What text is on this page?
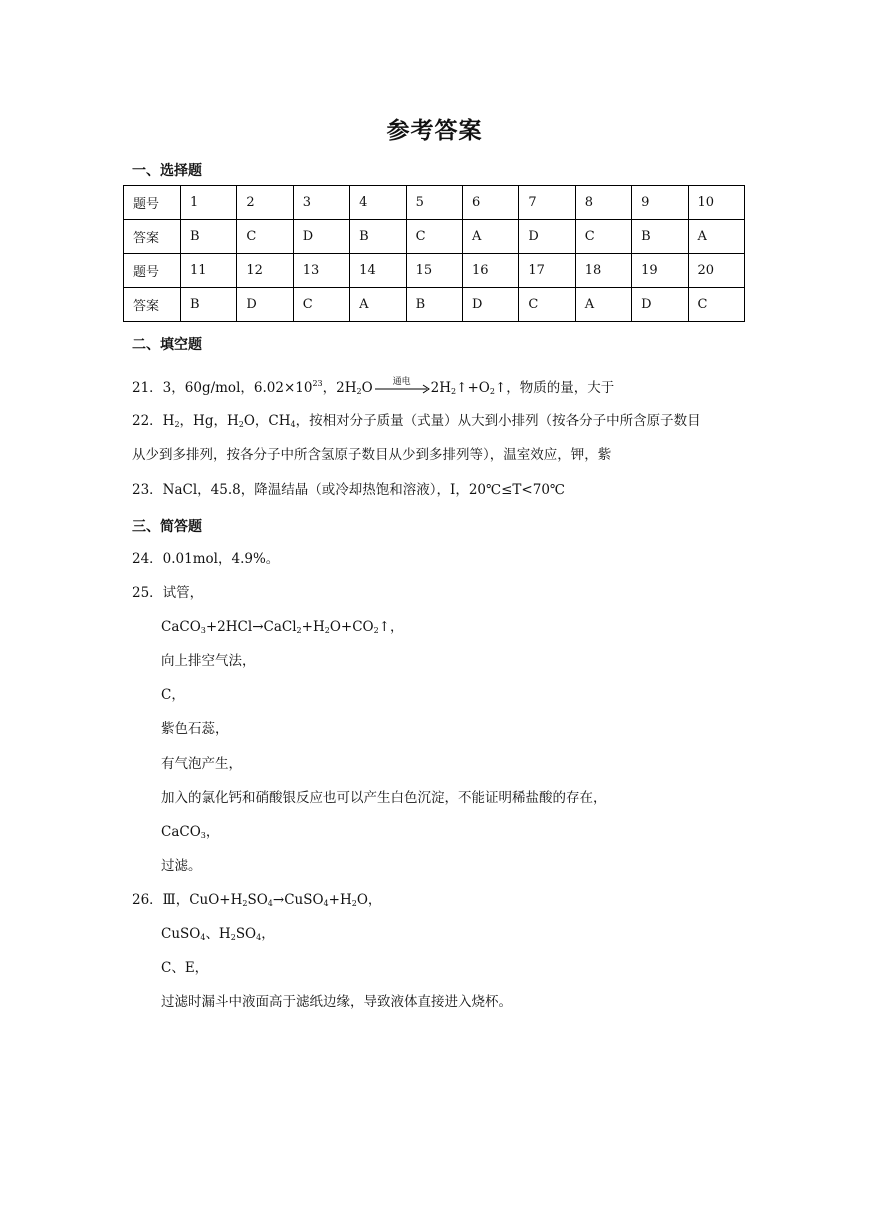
参考答案
一、选择题
题号	1	2	3	4	5	6	7	8	9	10
答案	B	C	D	B	C	A	D	C	B	A
题号	11	12	13	14	15	16	17	18	19	20
答案	B	D	C	A	B	D	C	A	D	C
二、填空题
21．3，60g/mol，$6.02\times 10^{23}$，$2H_2O$	通电	$2H_2↑+O_2↑$，物质的量，大于
22．$H_2$，Hg，$H_2O$，$CH_4$，按相对分子质量（式量）从大到小排列（按各分子中所含原子数目
从少到多排列，按各分子中所含氢原子数目从少到多排列等），温室效应，钾，紫
23．NaCl，45.8，降温结晶（或冷却热饱和溶液），I，20℃≤T<70℃
三、简答题
24．0.01mol，4.9%。
25．试管，
$CaCO_3+2HCl\to CaCl_2+H_2O+CO_2↑$，
向上排空气法，
C，
紫色石蕊，
有气泡产生，
加入的氯化钙和硝酸银反应也可以产生白色沉淀，不能证明稀盐酸的存在，
CaCO$_3$，
过滤。
26．Ⅲ，$CuO+H_2SO_4\to CuSO_4+H_2O$，
CuSO$_4$、$H_2SO_4$，
C、E，
过滤时漏斗中液面高于滤纸边缘，导致液体直接进入烧杯。
